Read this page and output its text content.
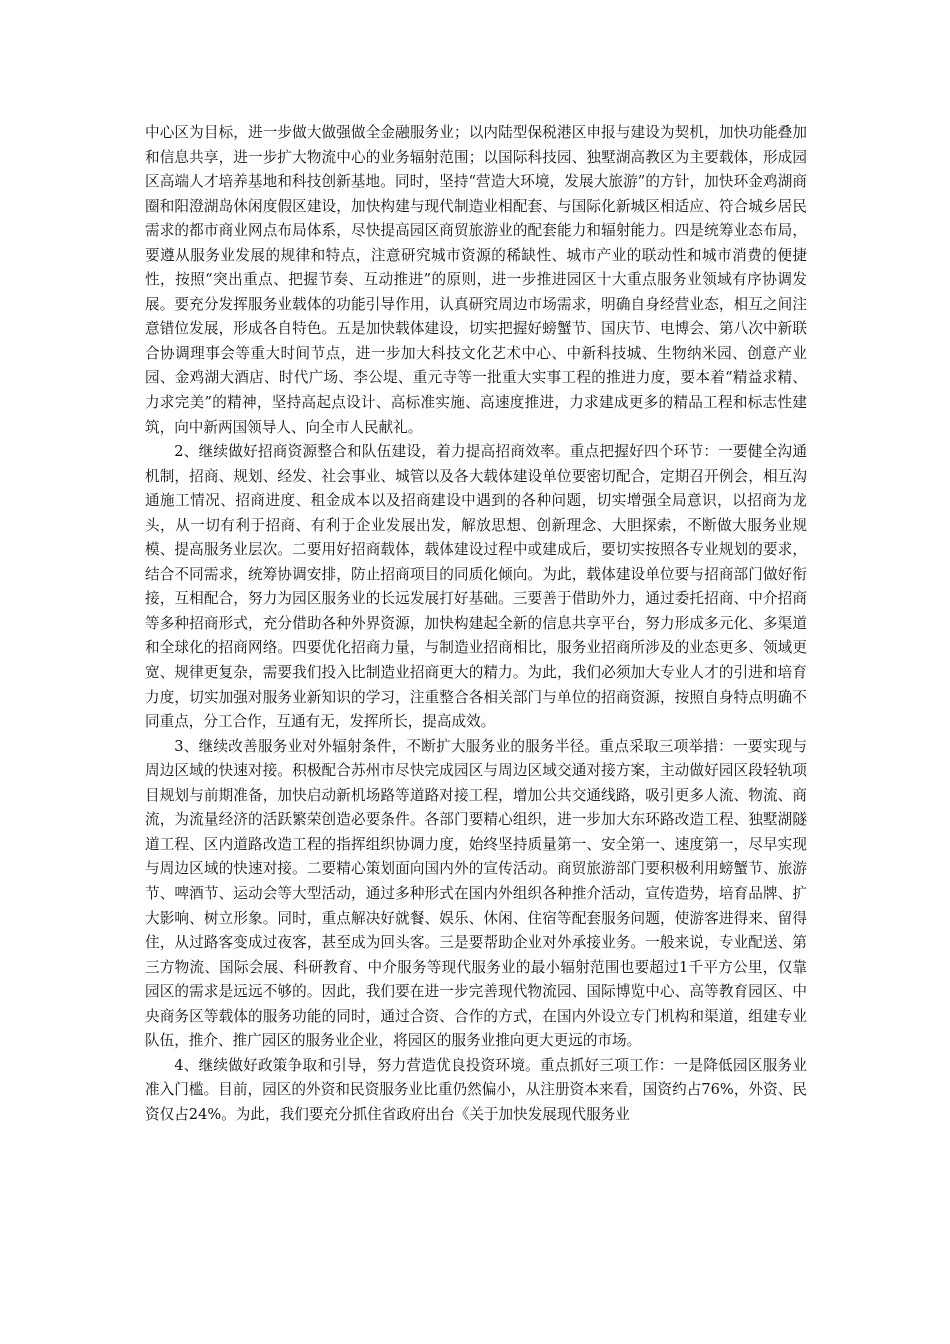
中心区为目标，进一步做大做强做全金融服务业；以内陆型保税港区申报与建设为契机，加快功能叠加和信息共享，进一步扩大物流中心的业务辐射范围；以国际科技园、独墅湖高教区为主要载体，形成园区高端人才培养基地和科技创新基地。同时，坚持“营造大环境，发展大旅游”的方针，加快环金鸡湖商圈和阳澄湖岛休闲度假区建设，加快构建与现代制造业相配套、与国际化新城区相适应、符合城乡居民需求的都市商业网点布局体系，尽快提高园区商贸旅游业的配套能力和辐射能力。四是统筹业态布局，要遵从服务业发展的规律和特点，注意研究城市资源的稀缺性、城市产业的联动性和城市消费的便捷性，按照“突出重点、把握节奏、互动推进”的原则，进一步推进园区十大重点服务业领域有序协调发展。要充分发挥服务业载体的功能引导作用，认真研究周边市场需求，明确自身经营业态，相互之间注意错位发展，形成各自特色。五是加快载体建设，切实把握好螃蟹节、国庆节、电博会、第八次中新联合协调理事会等重大时间节点，进一步加大科技文化艺术中心、中新科技城、生物纳米园、创意产业园、金鸡湖大酒店、时代广场、李公堤、重元寺等一批重大实事工程的推进力度，要本着“精益求精、力求完美”的精神，坚持高起点设计、高标准实施、高速度推进，力求建成更多的精品工程和标志性建筑，向中新两国领导人、向全市人民献礼。

2、继续做好招商资源整合和队伍建设，着力提高招商效率。重点把握好四个环节：一要健全沟通机制，招商、规划、经发、社会事业、城管以及各大载体建设单位要密切配合，定期召开例会，相互沟通施工情况、招商进度、租金成本以及招商建设中遇到的各种问题，切实增强全局意识，以招商为龙头，从一切有利于招商、有利于企业发展出发，解放思想、创新理念、大胆探索，不断做大服务业规模、提高服务业层次。二要用好招商载体，载体建设过程中或建成后，要切实按照各专业规划的要求，结合不同需求，统筹协调安排，防止招商项目的同质化倾向。为此，载体建设单位要与招商部门做好衔接，互相配合，努力为园区服务业的长远发展打好基础。三要善于借助外力，通过委托招商、中介招商等多种招商形式，充分借助各种外界资源，加快构建起全新的信息共享平台，努力形成多元化、多渠道和全球化的招商网络。四要优化招商力量，与制造业招商相比，服务业招商所涉及的业态更多、领域更宽、规律更复杂，需要我们投入比制造业招商更大的精力。为此，我们必须加大专业人才的引进和培育力度，切实加强对服务业新知识的学习，注重整合各相关部门与单位的招商资源，按照自身特点明确不同重点，分工合作，互通有无，发挥所长，提高成效。

3、继续改善服务业对外辐射条件，不断扩大服务业的服务半径。重点采取三项举措：一要实现与周边区域的快速对接。积极配合苏州市尽快完成园区与周边区域交通对接方案，主动做好园区段轻轨项目规划与前期准备，加快启动新机场路等道路对接工程，增加公共交通线路，吸引更多人流、物流、商流，为流量经济的活跃繁荣创造必要条件。各部门要精心组织，进一步加大东环路改造工程、独墅湖隧道工程、区内道路改造工程的指挥组织协调力度，始终坚持质量第一、安全第一、速度第一，尽早实现与周边区域的快速对接。二要精心策划面向国内外的宣传活动。商贸旅游部门要积极利用螃蟹节、旅游节、啤酒节、运动会等大型活动，通过多种形式在国内外组织各种推介活动，宣传造势，培育品牌、扩大影响、树立形象。同时，重点解决好就餐、娱乐、休闲、住宿等配套服务问题，使游客进得来、留得住，从过路客变成过夜客，甚至成为回头客。三是要帮助企业对外承接业务。一般来说，专业配送、第三方物流、国际会展、科研教育、中介服务等现代服务业的最小辐射范围也要超过1千平方公里，仅靠园区的需求是远远不够的。因此，我们要在进一步完善现代物流园、国际博览中心、高等教育园区、中央商务区等载体的服务功能的同时，通过合资、合作的方式，在国内外设立专门机构和渠道，组建专业队伍，推介、推广园区的服务业企业，将园区的服务业推向更大更远的市场。

4、继续做好政策争取和引导，努力营造优良投资环境。重点抓好三项工作：一是降低园区服务业准入门槛。目前，园区的外资和民资服务业比重仍然偏小，从注册资本来看，国资约占76%，外资、民资仅占24%。为此，我们要充分抓住省政府出台《关于加快发展现代服务业
